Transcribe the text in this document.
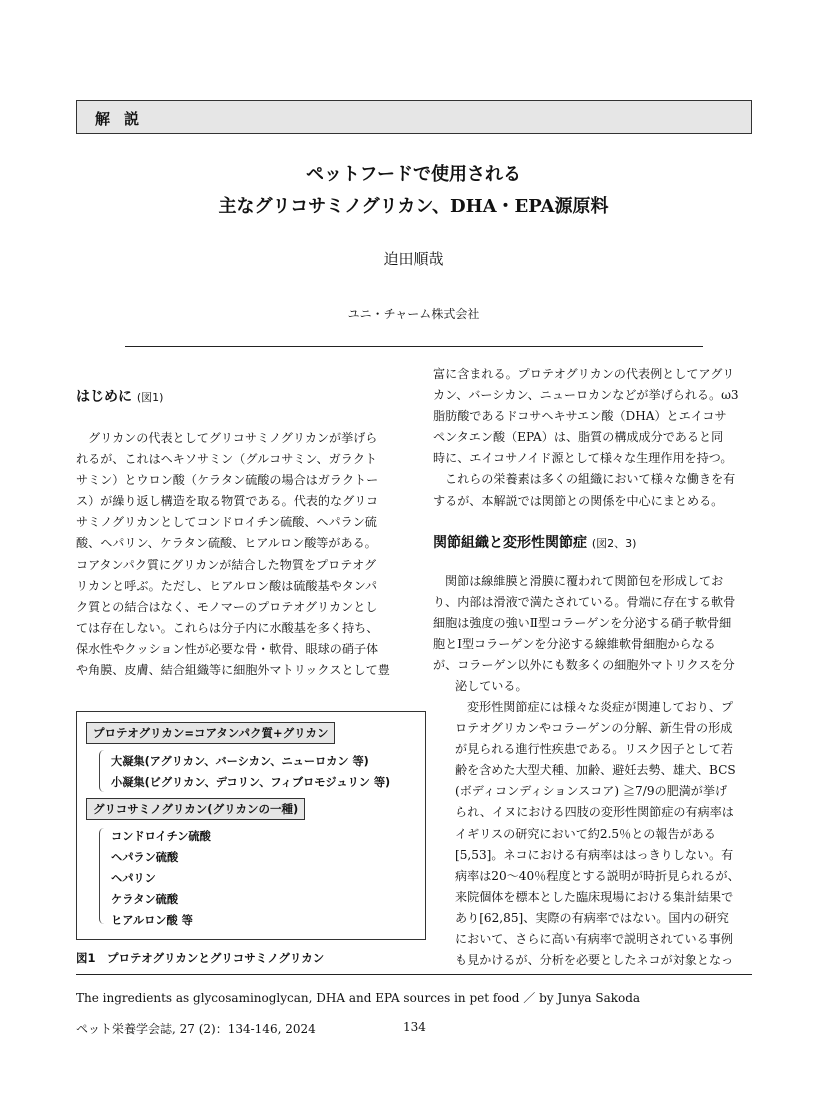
解説
ペットフードで使用される
主なグリコサミノグリカン、DHA・EPA源原料
迫田順哉
ユニ・チャーム株式会社
はじめに (図1)
グリカンの代表としてグリコサミノグリカンが挙げら
れるが、これはヘキソサミン（グルコサミン、ガラクト
サミン）とウロン酸（ケラタン硫酸の場合はガラクトー
ス）が繰り返し構造を取る物質である。代表的なグリコ
サミノグリカンとしてコンドロイチン硫酸、ヘパラン硫
酸、ヘパリン、ケラタン硫酸、ヒアルロン酸等がある。
コアタンパク質にグリカンが結合した物質をプロテオグ
リカンと呼ぶ。ただし、ヒアルロン酸は硫酸基やタンパ
ク質との結合はなく、モノマーのプロテオグリカンとし
ては存在しない。これらは分子内に水酸基を多く持ち、
保水性やクッション性が必要な骨・軟骨、眼球の硝子体
や角膜、皮膚、結合組織等に細胞外マトリックスとして豊
プロテオグリカン=コアタンパク質+グリカン
大凝集(アグリカン、バーシカン、ニューロカン 等)
小凝集(ビグリカン、デコリン、フィブロモジュリン 等)
グリコサミノグリカン(グリカンの一種)
コンドロイチン硫酸
ヘパラン硫酸
ヘパリン
ケラタン硫酸
ヒアルロン酸 等
図1　プロテオグリカンとグリコサミノグリカン
富に含まれる。プロテオグリカンの代表例としてアグリ
カン、バーシカン、ニューロカンなどが挙げられる。ω3
脂肪酸であるドコサヘキサエン酸（DHA）とエイコサ
ペンタエン酸（EPA）は、脂質の構成成分であると同
時に、エイコサノイド源として様々な生理作用を持つ。
これらの栄養素は多くの組織において様々な働きを有
するが、本解説では関節との関係を中心にまとめる。
関節組織と変形性関節症 (図2、3)
関節は線維膜と滑膜に覆われて関節包を形成してお
り、内部は滑液で満たされている。骨端に存在する軟骨
細胞は強度の強いⅡ型コラーゲンを分泌する硝子軟骨細
胞とⅠ型コラーゲンを分泌する線維軟骨細胞からなる
が、コラーゲン以外にも数多くの細胞外マトリクスを分
泌している。
変形性関節症には様々な炎症が関連しており、プ
ロテオグリカンやコラーゲンの分解、新生骨の形成
が見られる進行性疾患である。リスク因子として若
齢を含めた大型犬種、加齢、避妊去勢、雄犬、BCS
(ボディコンディションスコア) ≧7/9の肥満が挙げ
られ、イヌにおける四肢の変形性関節症の有病率は
イギリスの研究において約2.5％との報告がある
[5,53]。ネコにおける有病率ははっきりしない。有
病率は20〜40％程度とする説明が時折見られるが、
来院個体を標本とした臨床現場における集計結果で
あり[62,85]、実際の有病率ではない。国内の研究
において、さらに高い有病率で説明されている事例
も見かけるが、分析を必要としたネコが対象となっ
The ingredients as glycosaminoglycan, DHA and EPA sources in pet food ／ by Junya Sakoda
ペット栄養学会誌, 27 (2)：134-146, 2024	134
